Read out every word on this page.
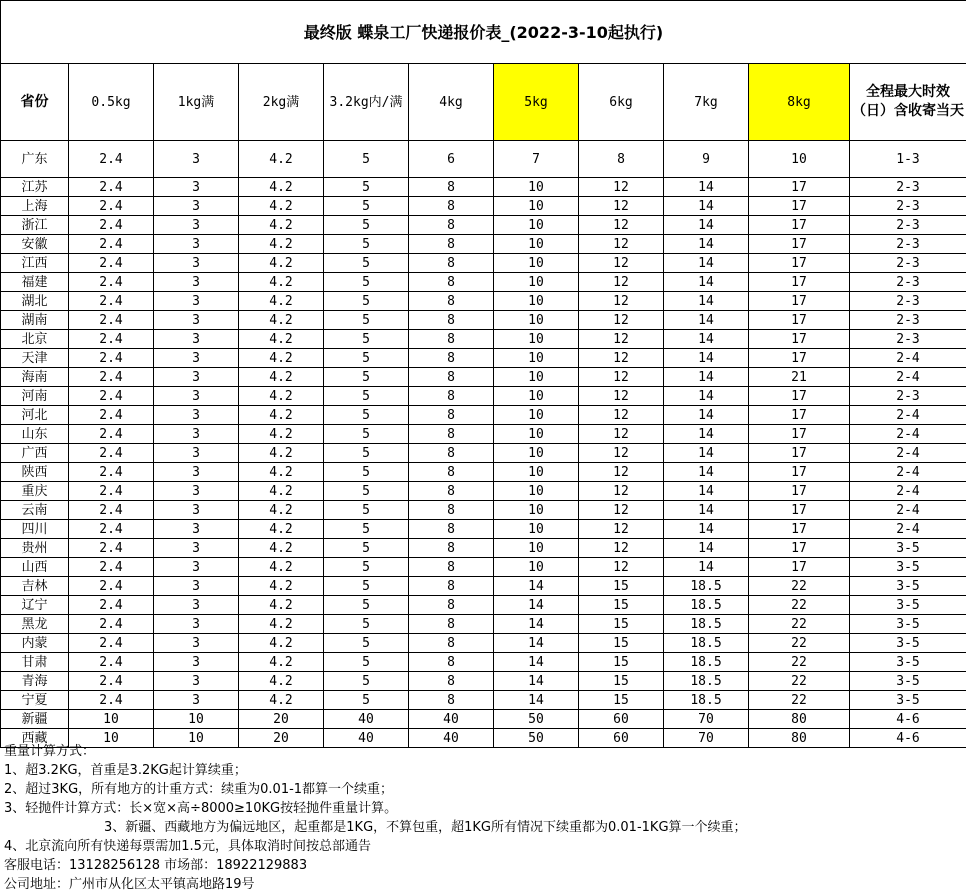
最终版 蝶泉工厂快递报价表_(2022-3-10起执行)										
省份	0.5kg	1kg满	2kg满	3.2kg内/满	4kg	5kg	6kg	7kg	8kg	全程最大时效（日）含收寄当天
广东	2.4	3	4.2	5	6	7	8	9	10	1-3
江苏	2.4	3	4.2	5	8	10	12	14	17	2-3
上海	2.4	3	4.2	5	8	10	12	14	17	2-3
浙江	2.4	3	4.2	5	8	10	12	14	17	2-3
安徽	2.4	3	4.2	5	8	10	12	14	17	2-3
江西	2.4	3	4.2	5	8	10	12	14	17	2-3
福建	2.4	3	4.2	5	8	10	12	14	17	2-3
湖北	2.4	3	4.2	5	8	10	12	14	17	2-3
湖南	2.4	3	4.2	5	8	10	12	14	17	2-3
北京	2.4	3	4.2	5	8	10	12	14	17	2-3
天津	2.4	3	4.2	5	8	10	12	14	17	2-4
海南	2.4	3	4.2	5	8	10	12	14	21	2-4
河南	2.4	3	4.2	5	8	10	12	14	17	2-3
河北	2.4	3	4.2	5	8	10	12	14	17	2-4
山东	2.4	3	4.2	5	8	10	12	14	17	2-4
广西	2.4	3	4.2	5	8	10	12	14	17	2-4
陕西	2.4	3	4.2	5	8	10	12	14	17	2-4
重庆	2.4	3	4.2	5	8	10	12	14	17	2-4
云南	2.4	3	4.2	5	8	10	12	14	17	2-4
四川	2.4	3	4.2	5	8	10	12	14	17	2-4
贵州	2.4	3	4.2	5	8	10	12	14	17	3-5
山西	2.4	3	4.2	5	8	10	12	14	17	3-5
吉林	2.4	3	4.2	5	8	14	15	18.5	22	3-5
辽宁	2.4	3	4.2	5	8	14	15	18.5	22	3-5
黑龙	2.4	3	4.2	5	8	14	15	18.5	22	3-5
内蒙	2.4	3	4.2	5	8	14	15	18.5	22	3-5
甘肃	2.4	3	4.2	5	8	14	15	18.5	22	3-5
青海	2.4	3	4.2	5	8	14	15	18.5	22	3-5
宁夏	2.4	3	4.2	5	8	14	15	18.5	22	3-5
新疆	10	10	20	40	40	50	60	70	80	4-6
西藏	10	10	20	40	40	50	60	70	80	4-6
重量计算方式：
1、超3.2KG，首重是3.2KG起计算续重；
2、超过3KG，所有地方的计重方式：续重为0.01-1都算一个续重；
3、轻抛件计算方式：长×宽×高÷8000≥10KG按轻抛件重量计算。
3、新疆、西藏地方为偏远地区，起重都是1KG，不算包重，超1KG所有情况下续重都为0.01-1KG算一个续重；
4、北京流向所有快递每票需加1.5元，具体取消时间按总部通告
客服电话：13128256128 市场部：18922129883
公司地址：广州市从化区太平镇高地路19号
